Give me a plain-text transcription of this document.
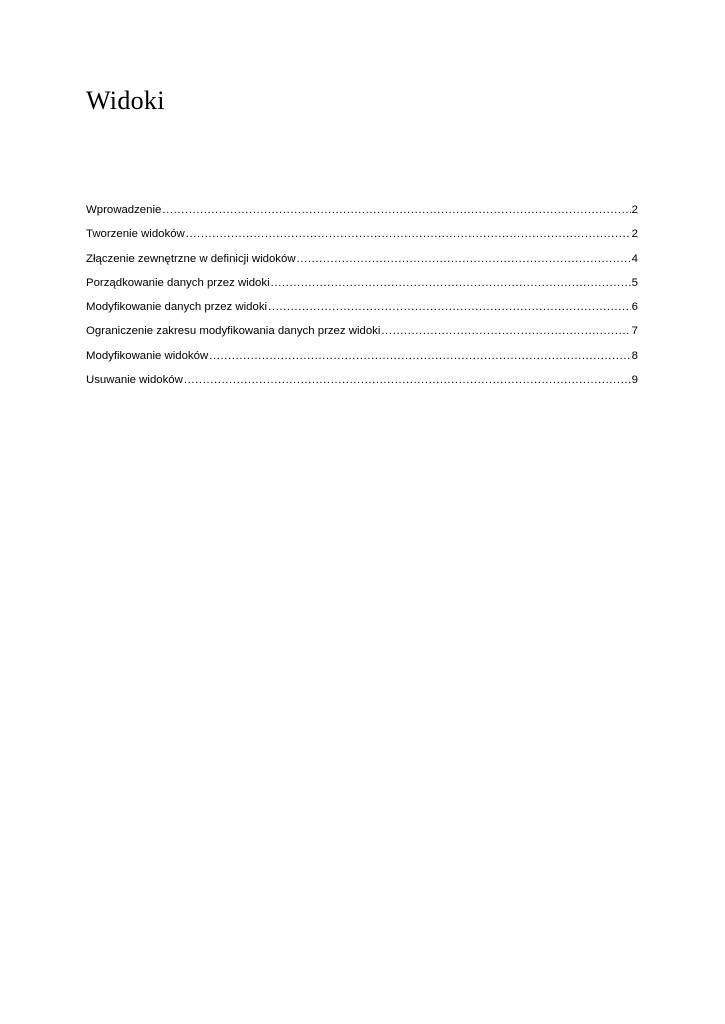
Widoki
Wprowadzenie .....	2
Tworzenie widoków .....	2
Złączenie zewnętrzne w definicji widoków .....	4
Porządkowanie danych przez widoki .....	5
Modyfikowanie danych przez widoki .....	6
Ograniczenie zakresu modyfikowania danych przez widoki .....	7
Modyfikowanie widoków .....	8
Usuwanie widoków .....	9
